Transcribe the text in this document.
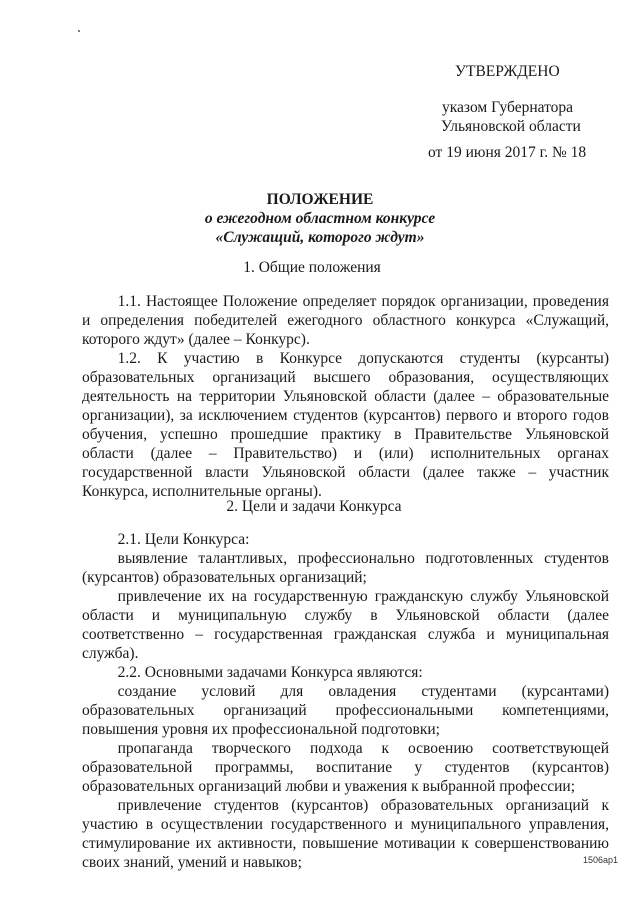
УТВЕРЖДЕНО
указом Губернатора
Ульяновской области
от 19 июня 2017 г. № 18
ПОЛОЖЕНИЕ
о ежегодном областном конкурсе
«Служащий, которого ждут»
1. Общие положения

1.1. Настоящее Положение определяет порядок организации, проведения и определения победителей ежегодного областного конкурса «Служащий, которого ждут» (далее – Конкурс).

1.2. К участию в Конкурсе допускаются студенты (курсанты) образовательных организаций высшего образования, осуществляющих деятельность на территории Ульяновской области (далее – образовательные организации), за исключением студентов (курсантов) первого и второго годов обучения, успешно прошедшие практику в Правительстве Ульяновской области (далее – Правительство) и (или) исполнительных органах государственной власти Ульяновской области (далее также – участник Конкурса, исполнительные органы).

2. Цели и задачи Конкурса

2.1. Цели Конкурса:

выявление талантливых, профессионально подготовленных студентов (курсантов) образовательных организаций;

привлечение их на государственную гражданскую службу Ульяновской области и муниципальную службу в Ульяновской области (далее соответственно – государственная гражданская служба и муниципальная служба).

2.2. Основными задачами Конкурса являются:

создание условий для овладения студентами (курсантами) образовательных организаций профессиональными компетенциями, повышения уровня их профессиональной подготовки;

пропаганда творческого подхода к освоению соответствующей образовательной программы, воспитание у студентов (курсантов) образовательных организаций любви и уважения к выбранной профессии;

привлечение студентов (курсантов) образовательных организаций к участию в осуществлении государственного и муниципального управления, стимулирование их активности, повышение мотивации к совершенствованию своих знаний, умений и навыков;	1506ap1
